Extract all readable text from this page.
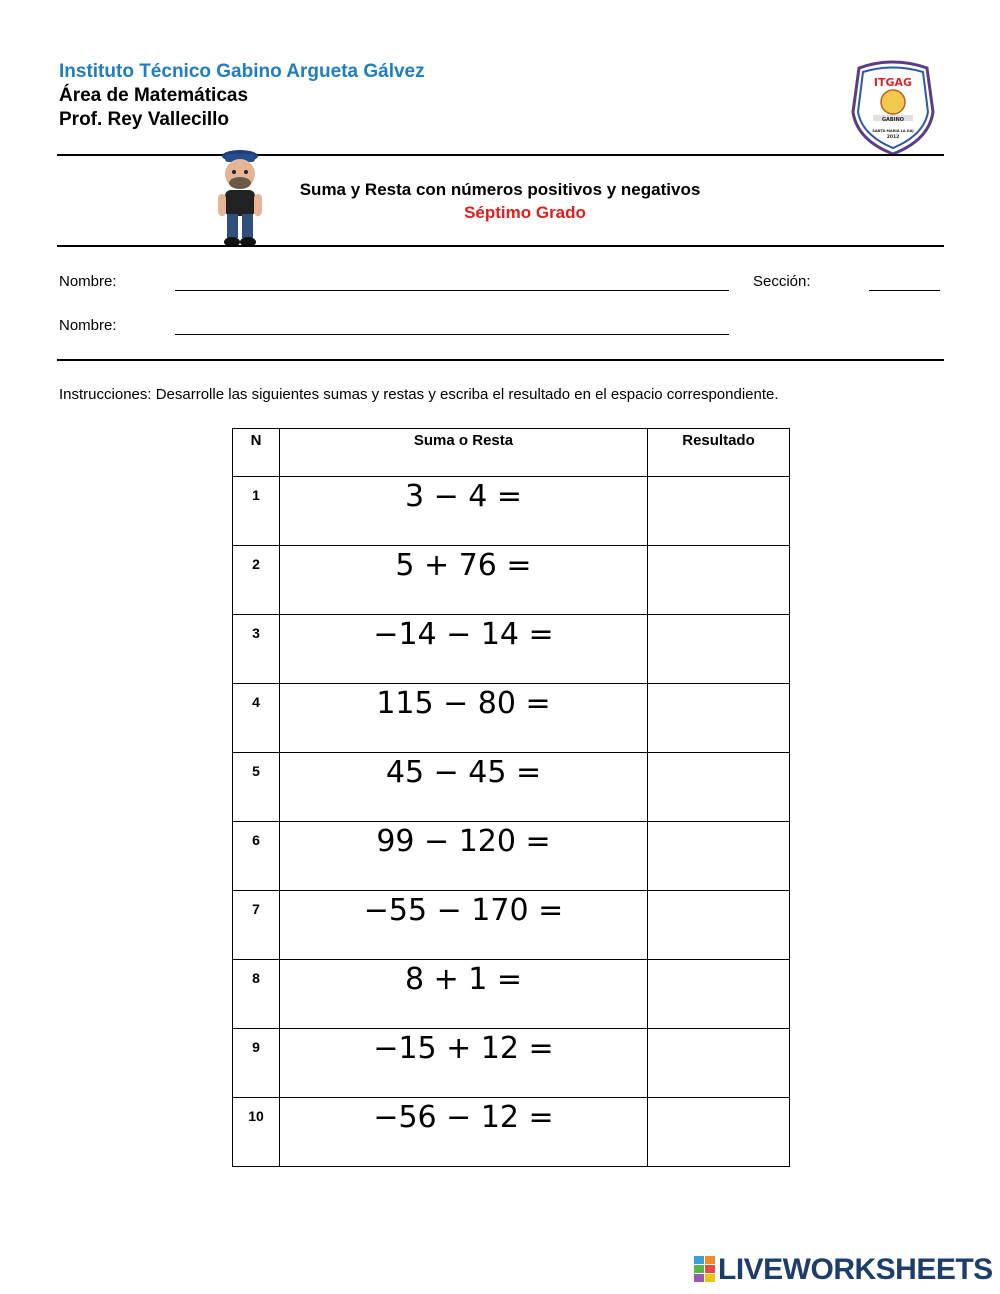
Instituto Técnico Gabino Argueta Gálvez
Área de Matemáticas
Prof. Rey Vallecillo
ITGAG
GABINO
SANTA MARIA LA GAJ
2012
Suma y Resta con números positivos y negativos
Séptimo Grado
Nombre:	Sección:
Nombre:
Instrucciones: Desarrolle las siguientes sumas y restas y escriba el resultado en el espacio correspondiente.
N	Suma o Resta	Resultado
1	3 − 4 =	
2	5 + 76 =	
3	−14 − 14 =	
4	115 − 80 =	
5	45 − 45 =	
6	99 − 120 =	
7	−55 − 170 =	
8	8 + 1 =	
9	−15 + 12 =	
10	−56 − 12 =	
LIVEWORKSHEETS
